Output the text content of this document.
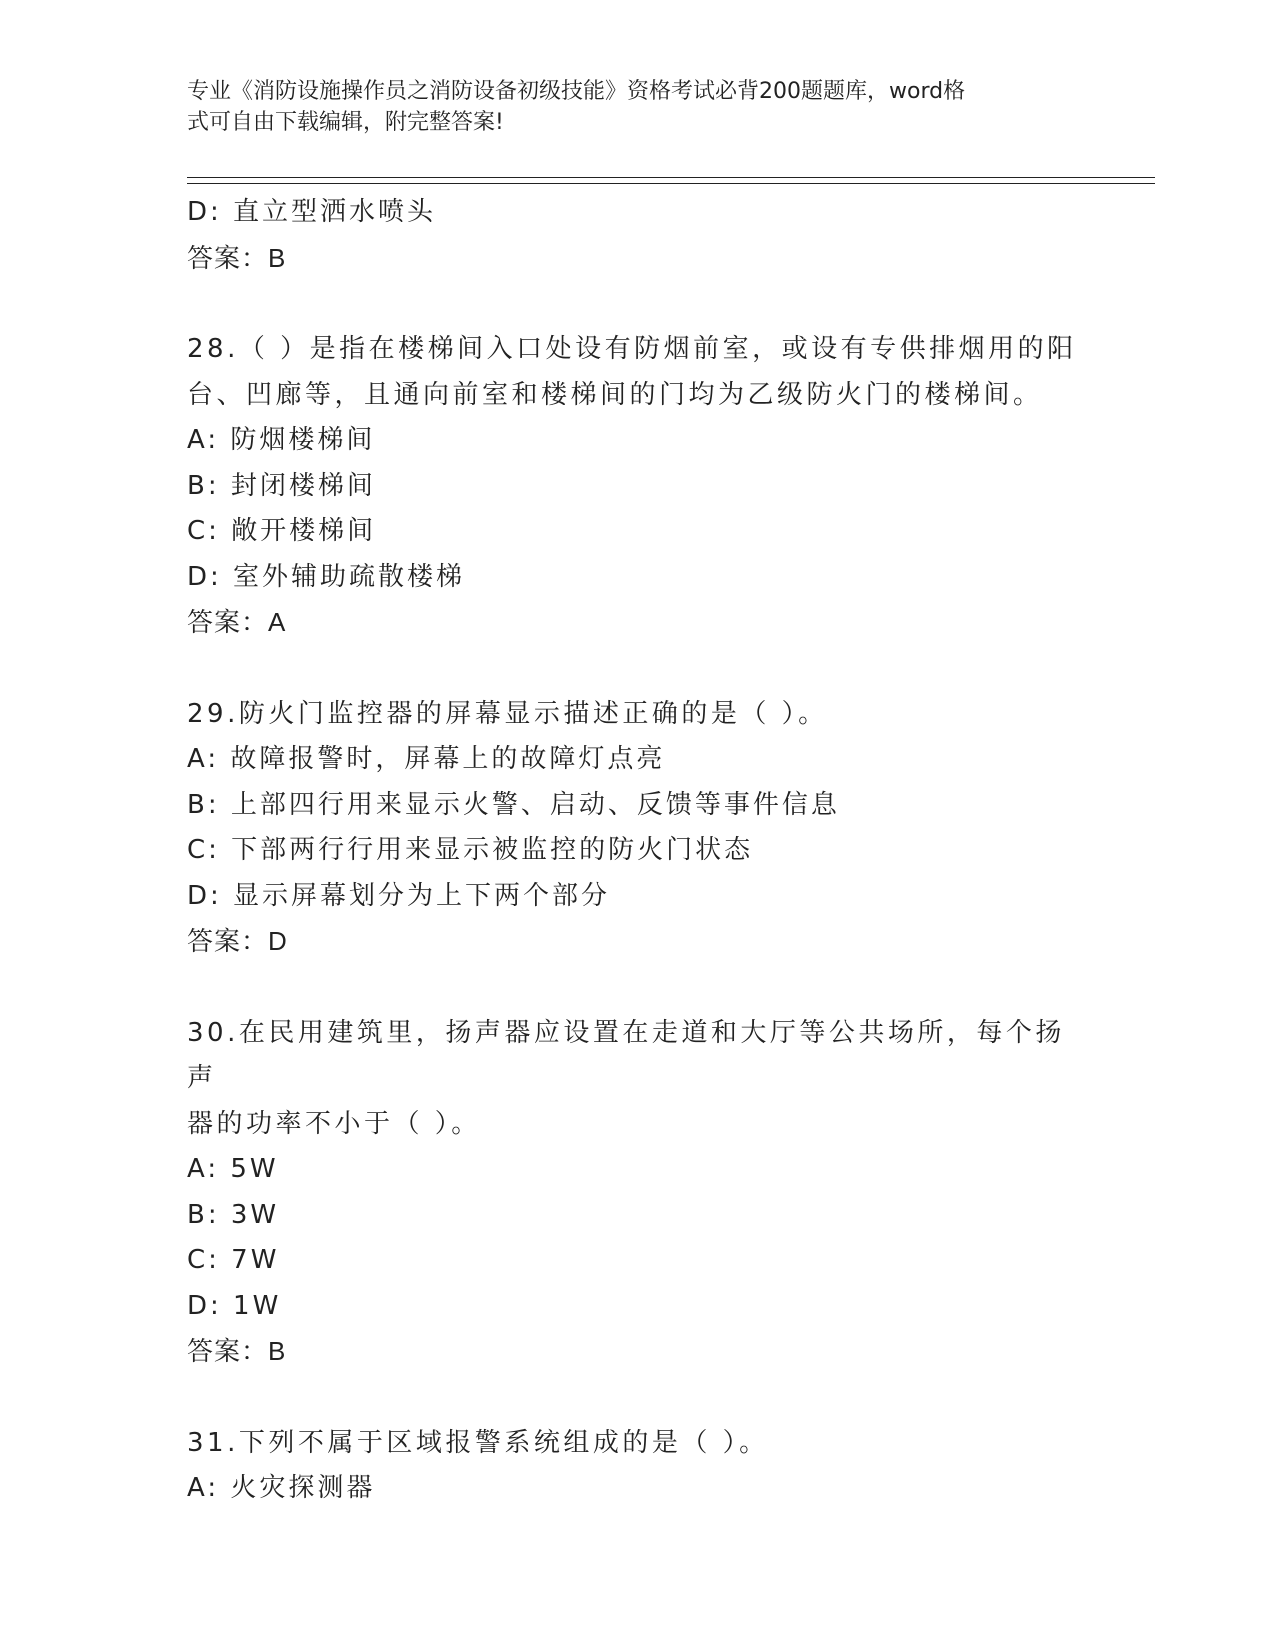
专业《消防设施操作员之消防设备初级技能》资格考试必背200题题库，word格
式可自由下载编辑，附完整答案!
D: 直立型洒水喷头
答案：B
28.（ ）是指在楼梯间入口处设有防烟前室，或设有专供排烟用的阳
台、凹廊等，且通向前室和楼梯间的门均为乙级防火门的楼梯间。
A: 防烟楼梯间
B: 封闭楼梯间
C: 敞开楼梯间
D: 室外辅助疏散楼梯
答案：A
29.防火门监控器的屏幕显示描述正确的是（ ）。
A: 故障报警时，屏幕上的故障灯点亮
B: 上部四行用来显示火警、启动、反馈等事件信息
C: 下部两行行用来显示被监控的防火门状态
D: 显示屏幕划分为上下两个部分
答案：D
30.在民用建筑里，扬声器应设置在走道和大厅等公共场所，每个扬声
器的功率不小于（ ）。
A: 5W
B: 3W
C: 7W
D: 1W
答案：B
31.下列不属于区域报警系统组成的是（ ）。
A: 火灾探测器
